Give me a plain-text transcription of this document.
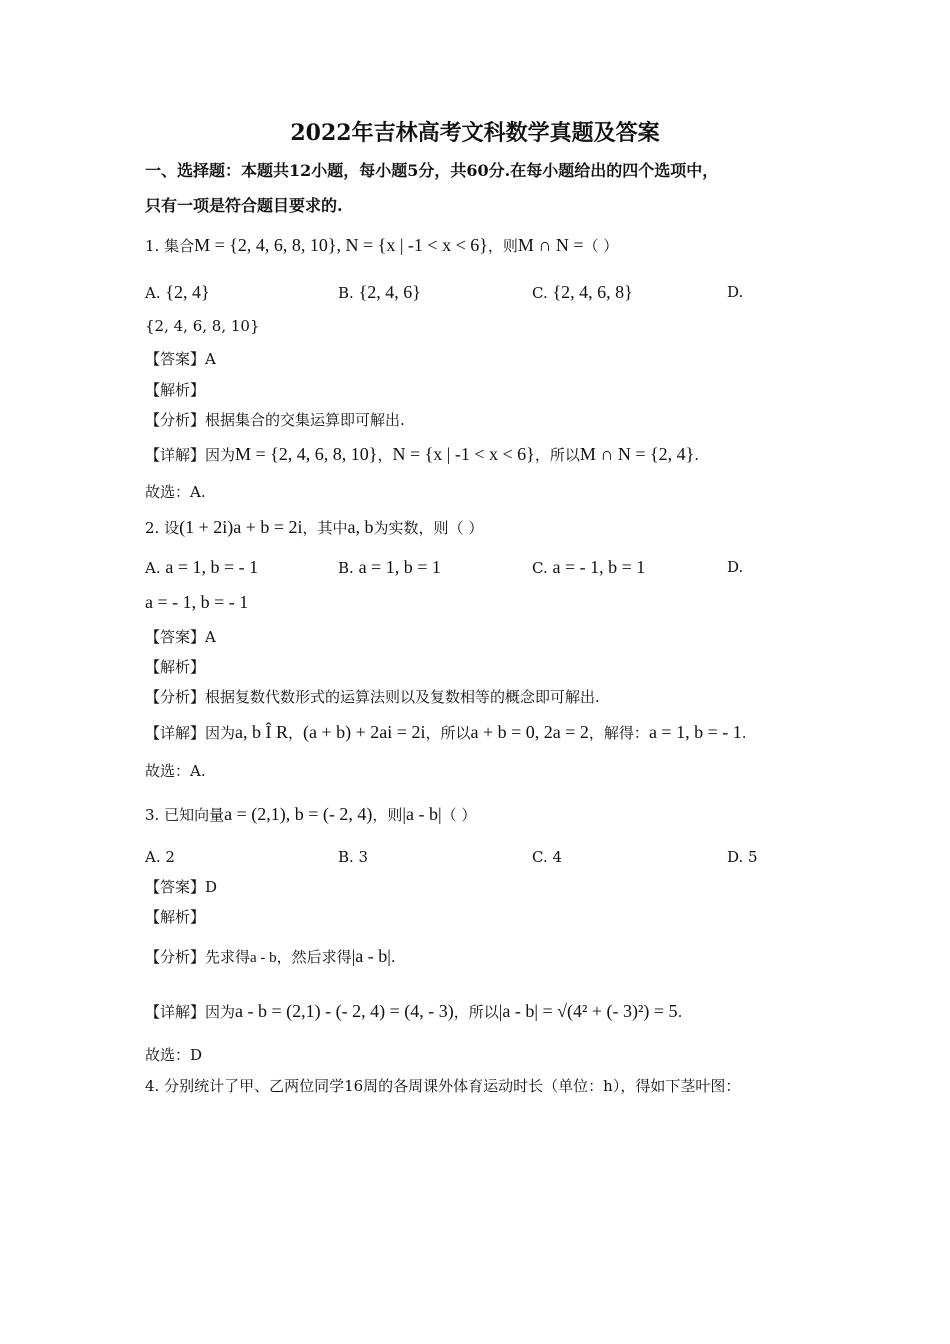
2022年吉林高考文科数学真题及答案
一、选择题：本题共12小题，每小题5分，共60分.在每小题给出的四个选项中，
只有一项是符合题目要求的.
1. 集合M = {2, 4, 6, 8, 10}, N = {x | -1 < x < 6}，则M ∩ N =（ ）
A. {2, 4}	B. {2, 4, 6}	C. {2, 4, 6, 8}	D.
{2, 4, 6, 8, 10}
【答案】A
【解析】
【分析】根据集合的交集运算即可解出.
【详解】因为M = {2, 4, 6, 8, 10}，N = {x | -1 < x < 6}，所以M ∩ N = {2, 4}.
故选：A.
2. 设(1 + 2i)a + b = 2i，其中a, b为实数，则（ ）
A. a = 1, b = - 1	B. a = 1, b = 1	C. a = - 1, b = 1	D.
a = - 1, b = - 1
【答案】A
【解析】
【分析】根据复数代数形式的运算法则以及复数相等的概念即可解出.
【详解】因为a, b Î R，(a + b) + 2ai = 2i，所以a + b = 0, 2a = 2，解得：a = 1, b = - 1.
故选：A.
3. 已知向量a = (2,1), b = (- 2, 4)，则|a - b|（ ）
A. 2	B. 3	C. 4	D. 5
【答案】D
【解析】
【分析】先求得a - b，然后求得|a - b|.
【详解】因为a - b = (2,1) - (- 2, 4) = (4, - 3)，所以|a - b| = √(4² + (- 3)²) = 5.
故选：D
4. 分别统计了甲、乙两位同学16周的各周课外体育运动时长（单位：h），得如下茎叶图：
